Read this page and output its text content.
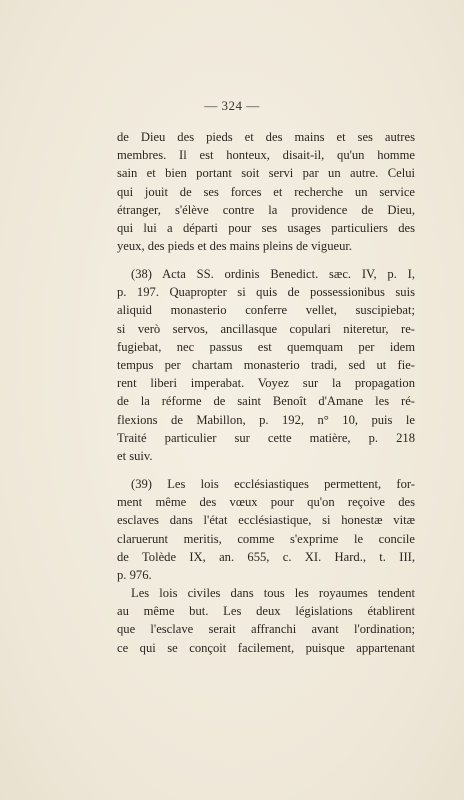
— 324 —
de Dieu des pieds et des mains et ses autres
membres. Il est honteux, disait-il, qu'un homme
sain et bien portant soit servi par un autre. Celui
qui jouit de ses forces et recherche un service
étranger, s'élève contre la providence de Dieu,
qui lui a départi pour ses usages particuliers des
yeux, des pieds et des mains pleins de vigueur.
(38) Acta SS. ordinis Benedict. sæc. IV, p. I,
p. 197. Quapropter si quis de possessionibus suis
aliquid monasterio conferre vellet, suscipiebat;
si verò servos, ancillasque copulari niteretur, re-
fugiebat, nec passus est quemquam per idem
tempus per chartam monasterio tradi, sed ut fie-
rent liberi imperabat. Voyez sur la propagation
de la réforme de saint Benoît d'Amane les ré-
flexions de Mabillon, p. 192, n° 10, puis le
Traité particulier sur cette matière, p. 218
et suiv.
(39) Les lois ecclésiastiques permettent, for-
ment même des vœux pour qu'on reçoive des
esclaves dans l'état ecclésiastique, si honestæ vitæ
claruerunt meritis, comme s'exprime le concile
de Tolède IX, an. 655, c. XI. Hard., t. III,
p. 976.
Les lois civiles dans tous les royaumes tendent
au même but. Les deux législations établirent
que l'esclave serait affranchi avant l'ordination;
ce qui se conçoit facilement, puisque appartenant
